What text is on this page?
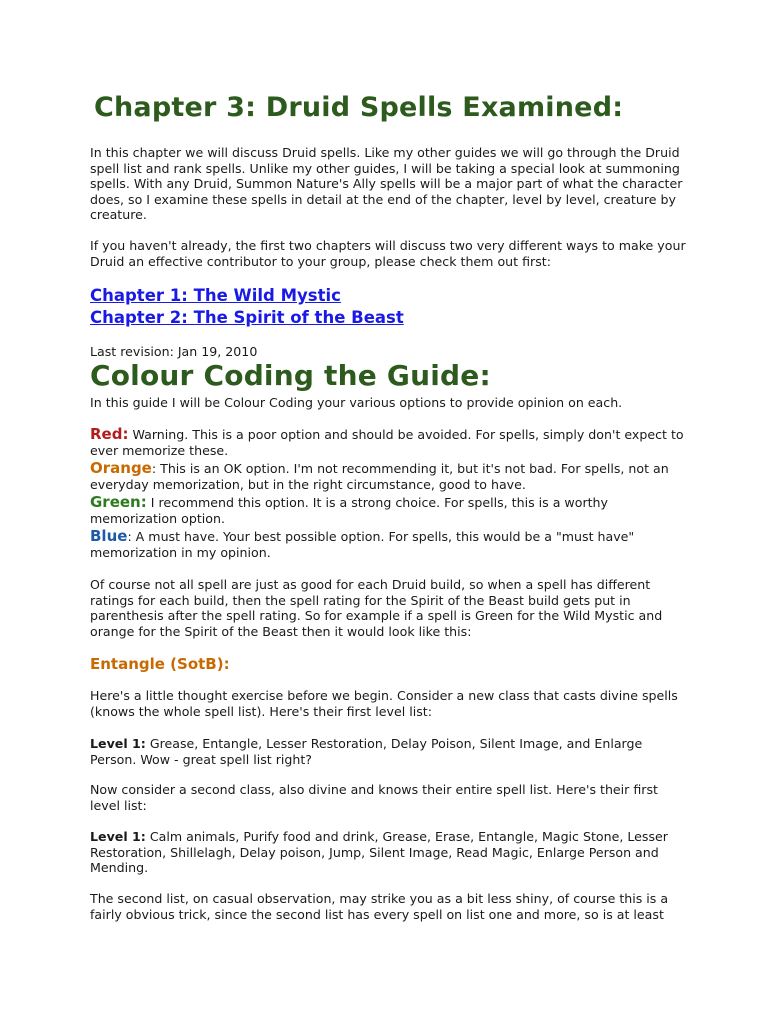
Chapter 3: Druid Spells Examined:

In this chapter we will discuss Druid spells. Like my other guides we will go through the Druid spell list and rank spells. Unlike my other guides, I will be taking a special look at summoning spells. With any Druid, Summon Nature's Ally spells will be a major part of what the character does, so I examine these spells in detail at the end of the chapter, level by level, creature by creature.

If you haven't already, the first two chapters will discuss two very different ways to make your Druid an effective contributor to your group, please check them out first:

Chapter 1: The Wild Mystic
Chapter 2: The Spirit of the Beast

Last revision: Jan 19, 2010

Colour Coding the Guide:

In this guide I will be Colour Coding your various options to provide opinion on each.

Red: Warning. This is a poor option and should be avoided. For spells, simply don't expect to ever memorize these.
Orange: This is an OK option. I'm not recommending it, but it's not bad. For spells, not an everyday memorization, but in the right circumstance, good to have.
Green: I recommend this option. It is a strong choice. For spells, this is a worthy memorization option.
Blue: A must have. Your best possible option. For spells, this would be a "must have" memorization in my opinion.

Of course not all spell are just as good for each Druid build, so when a spell has different ratings for each build, then the spell rating for the Spirit of the Beast build gets put in parenthesis after the spell rating. So for example if a spell is Green for the Wild Mystic and orange for the Spirit of the Beast then it would look like this:

Entangle (SotB):

Here's a little thought exercise before we begin. Consider a new class that casts divine spells (knows the whole spell list). Here's their first level list:

Level 1: Grease, Entangle, Lesser Restoration, Delay Poison, Silent Image, and Enlarge Person. Wow - great spell list right?

Now consider a second class, also divine and knows their entire spell list. Here's their first level list:

Level 1: Calm animals, Purify food and drink, Grease, Erase, Entangle, Magic Stone, Lesser Restoration, Shillelagh, Delay poison, Jump, Silent Image, Read Magic, Enlarge Person and Mending.

The second list, on casual observation, may strike you as a bit less shiny, of course this is a fairly obvious trick, since the second list has every spell on list one and more, so is at least
